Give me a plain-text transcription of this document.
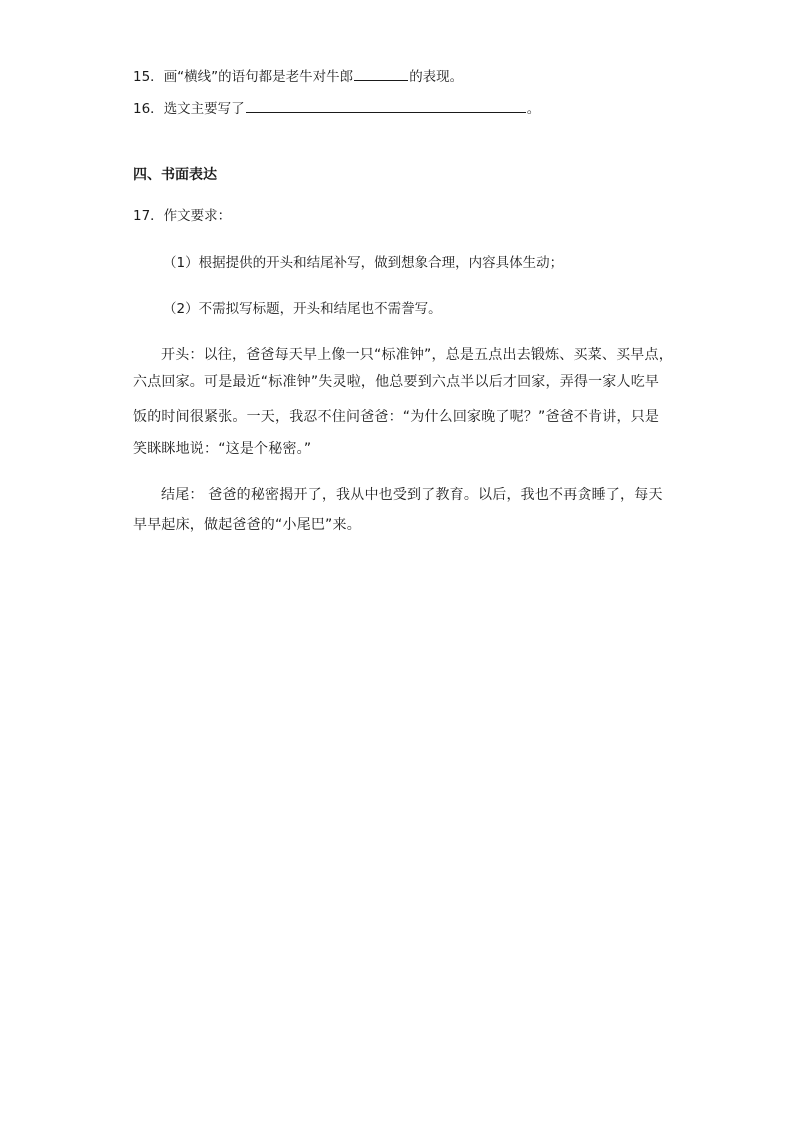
15．画“横线”的语句都是老牛对牛郎	的表现。
16．选文主要写了	。
四、书面表达
17．作文要求：
（1）根据提供的开头和结尾补写，做到想象合理，内容具体生动；
（2）不需拟写标题，开头和结尾也不需誊写。
开头：以往，爸爸每天早上像一只“标准钟”，总是五点出去锻炼、买菜、买早点，
六点回家。可是最近“标准钟”失灵啦，他总要到六点半以后才回家，弄得一家人吃早
饭的时间很紧张。一天，我忍不住问爸爸：“为什么回家晚了呢？”爸爸不肯讲，只是
笑眯眯地说：“这是个秘密。”
结尾： 爸爸的秘密揭开了，我从中也受到了教育。以后，我也不再贪睡了，每天
早早起床，做起爸爸的“小尾巴”来。
